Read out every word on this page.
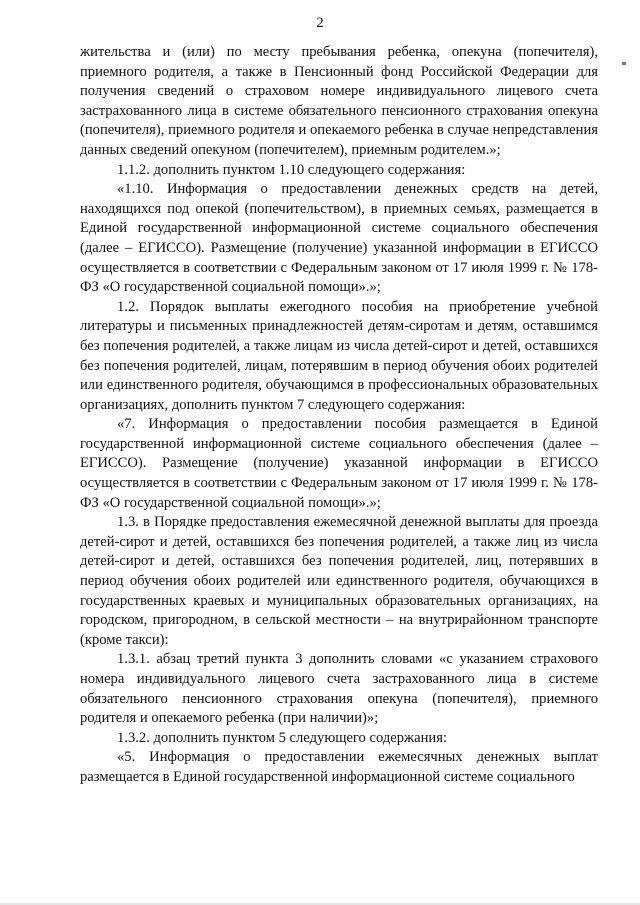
2

жительства и (или) по месту пребывания ребенка, опекуна (попечителя), приемного родителя, а также в Пенсионный фонд Российской Федерации для получения сведений о страховом номере индивидуального лицевого счета застрахованного лица в системе обязательного пенсионного страхования опекуна (попечителя), приемного родителя и опекаемого ребенка в случае непредставления данных сведений опекуном (попечителем), приемным родителем.»;

1.1.2. дополнить пунктом 1.10 следующего содержания:

«1.10. Информация о предоставлении денежных средств на детей, находящихся под опекой (попечительством), в приемных семьях, размещается в Единой государственной информационной системе социального обеспечения (далее – ЕГИССО). Размещение (получение) указанной информации в ЕГИССО осуществляется в соответствии с Федеральным законом от 17 июля 1999 г. № 178-ФЗ «О государственной социальной помощи».»;

1.2. Порядок выплаты ежегодного пособия на приобретение учебной литературы и письменных принадлежностей детям-сиротам и детям, оставшимся без попечения родителей, а также лицам из числа детей-сирот и детей, оставшихся без попечения родителей, лицам, потерявшим в период обучения обоих родителей или единственного родителя, обучающимся в профессиональных образовательных организациях, дополнить пунктом 7 следующего содержания:

«7. Информация о предоставлении пособия размещается в Единой государственной информационной системе социального обеспечения (далее – ЕГИССО). Размещение (получение) указанной информации в ЕГИССО осуществляется в соответствии с Федеральным законом от 17 июля 1999 г. № 178-ФЗ «О государственной социальной помощи».»;

1.3. в Порядке предоставления ежемесячной денежной выплаты для проезда детей-сирот и детей, оставшихся без попечения родителей, а также лиц из числа детей-сирот и детей, оставшихся без попечения родителей, лиц, потерявших в период обучения обоих родителей или единственного родителя, обучающихся в государственных краевых и муниципальных образовательных организациях, на городском, пригородном, в сельской местности – на внутрирайонном транспорте (кроме такси):

1.3.1. абзац третий пункта 3 дополнить словами «с указанием страхового номера индивидуального лицевого счета застрахованного лица в системе обязательного пенсионного страхования опекуна (попечителя), приемного родителя и опекаемого ребенка (при наличии)»;

1.3.2. дополнить пунктом 5 следующего содержания:

«5. Информация о предоставлении ежемесячных денежных выплат размещается в Единой государственной информационной системе социального
